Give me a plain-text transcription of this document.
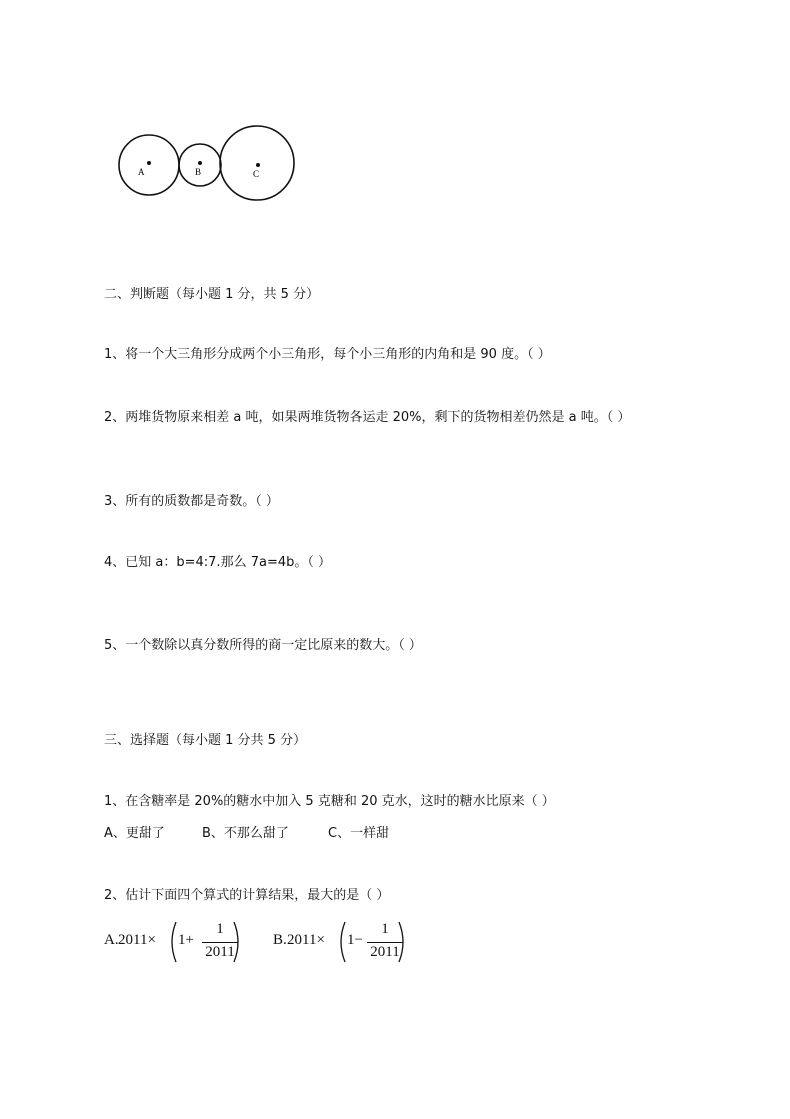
A	B	C
二、判断题（每小题 1 分，共 5 分）
1、将一个大三角形分成两个小三角形，每个小三角形的内角和是 90 度。（ ）
2、两堆货物原来相差 a 吨，如果两堆货物各运走 20%，剩下的货物相差仍然是 a 吨。（ ）
3、所有的质数都是奇数。（ ）
4、已知 a：b=4:7.那么 7a=4b。（ ）
5、一个数除以真分数所得的商一定比原来的数大。（ ）
三、选择题（每小题 1 分共 5 分）
1、在含糖率是 20%的糖水中加入 5 克糖和 20 克水，这时的糖水比原来（ ）
A、更甜了	B、不那么甜了	C、一样甜
2、估计下面四个算式的计算结果，最大的是（ ）
A. 2011× 1+
1
2011
B. 2011× 1−
1
2011
